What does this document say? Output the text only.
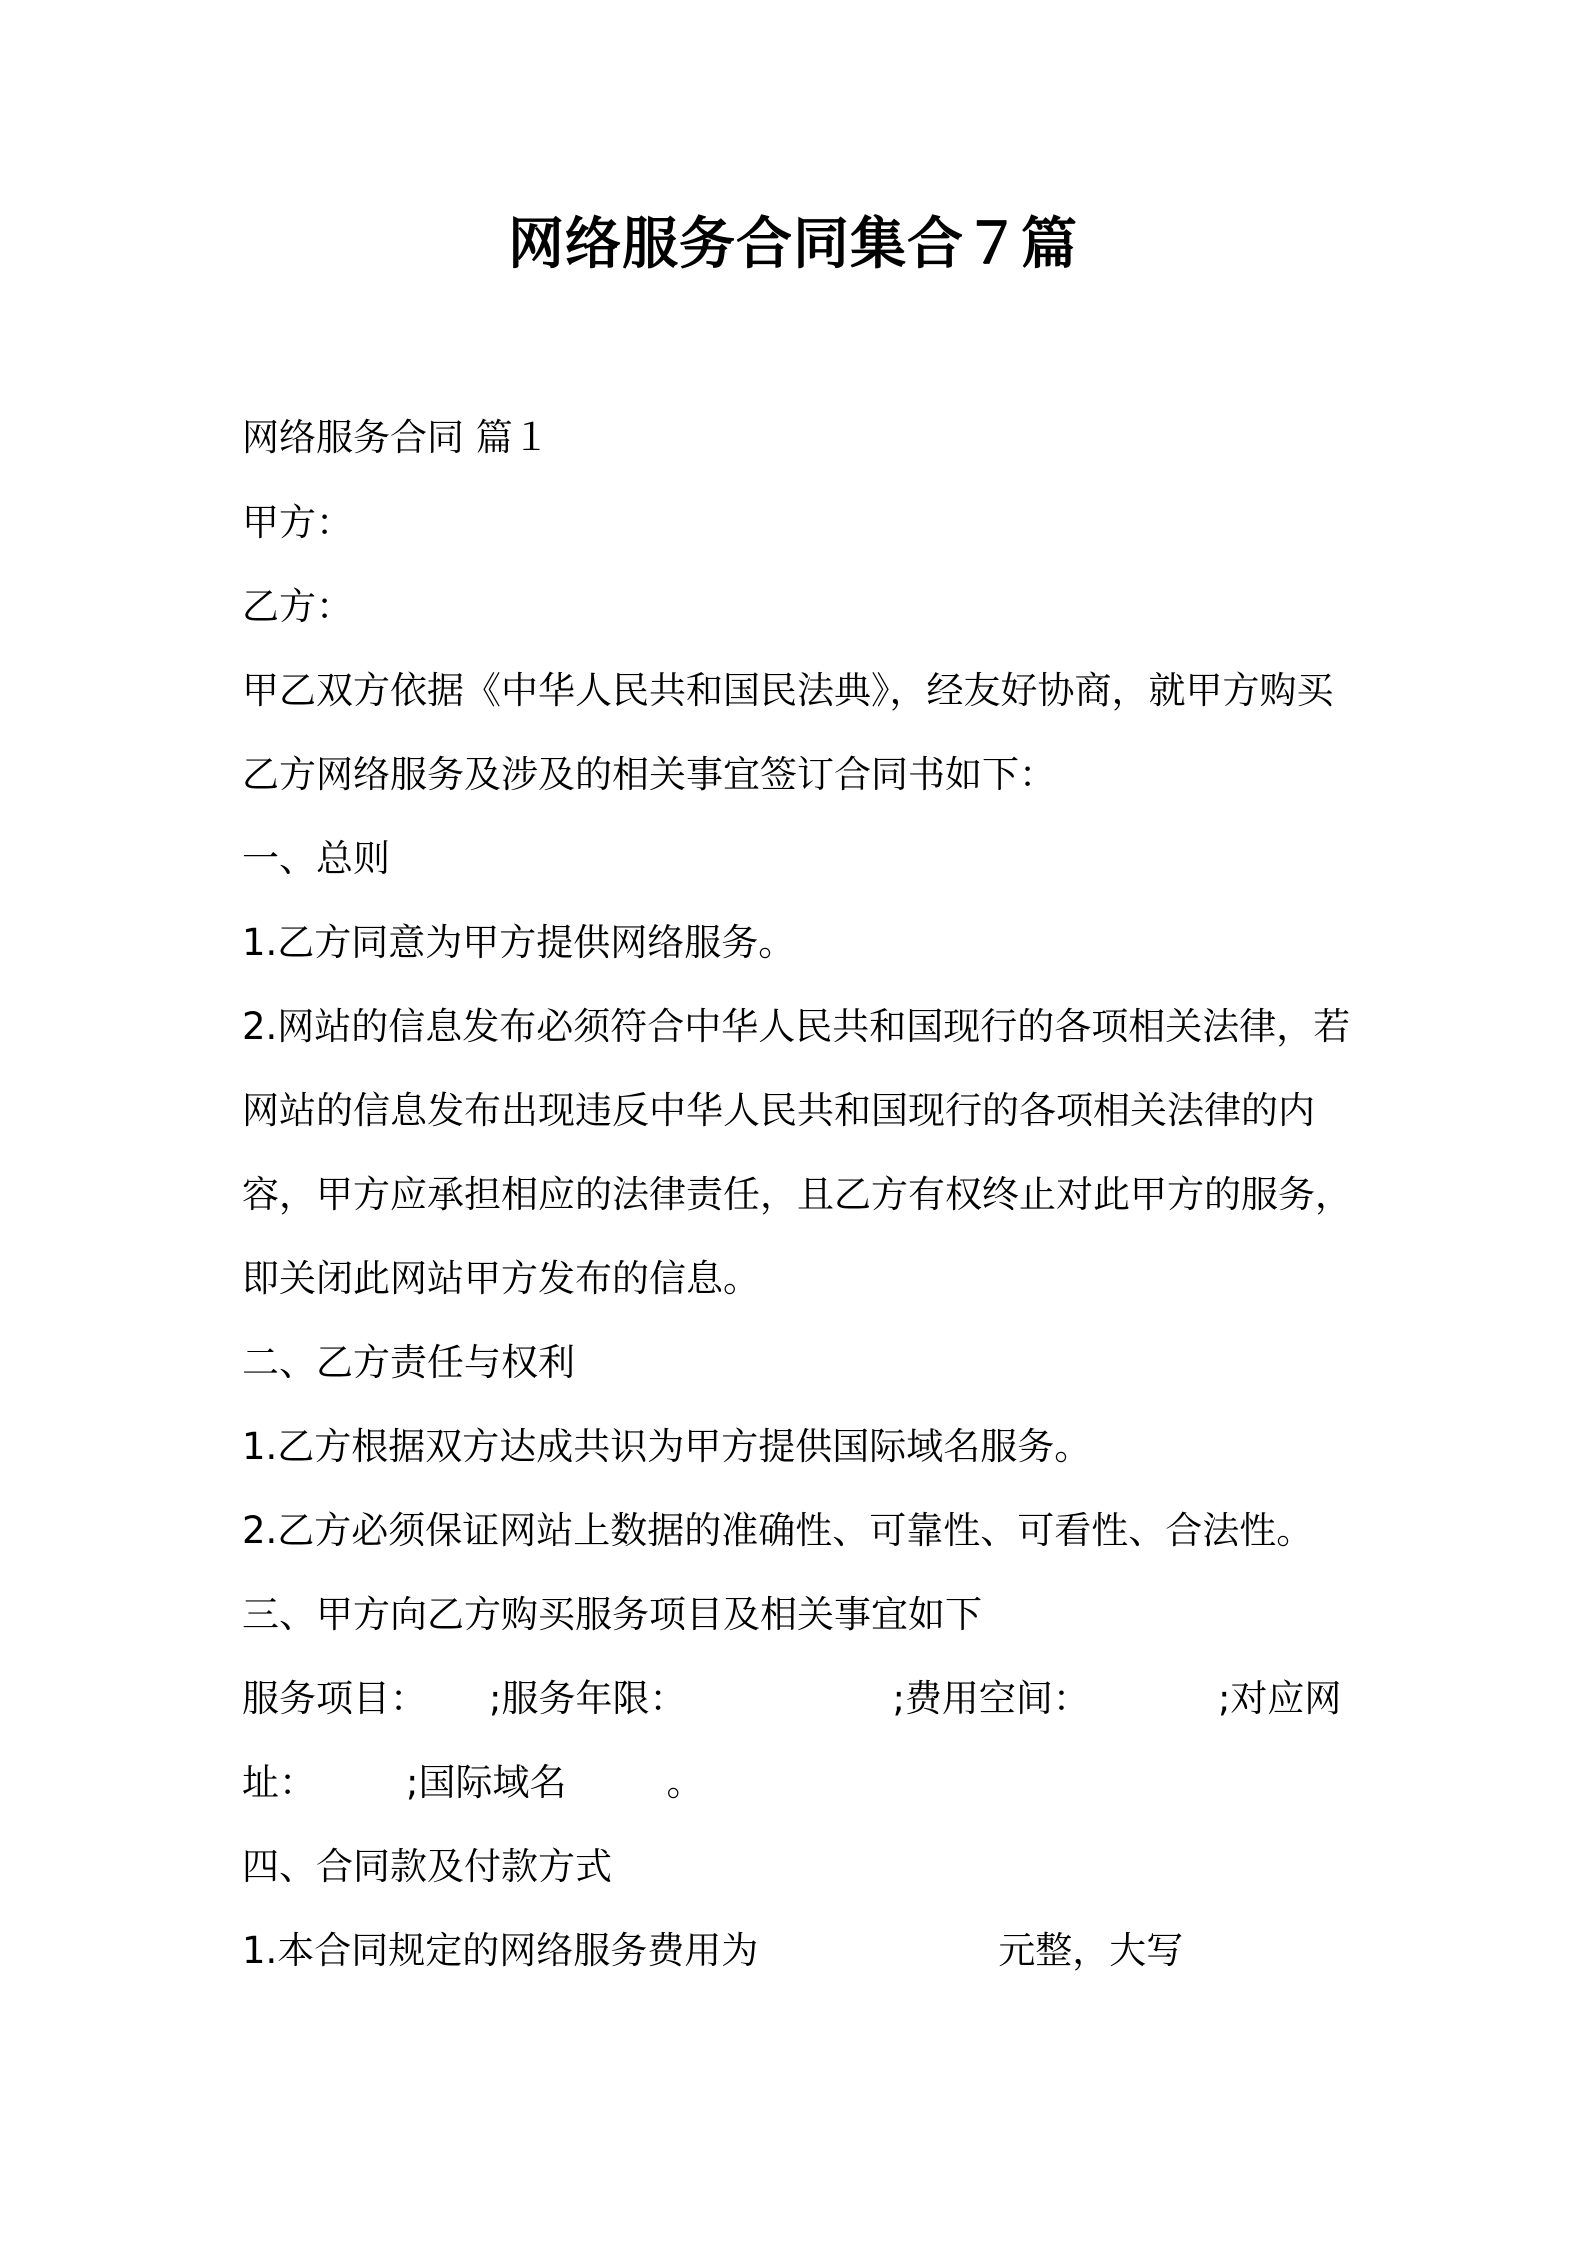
网络服务合同集合７篇

网络服务合同 篇１

甲方：

乙方：

甲乙双方依据《中华人民共和国民法典》，经友好协商，就甲方购买

乙方网络服务及涉及的相关事宜签订合同书如下：

一、总则

1.乙方同意为甲方提供网络服务。

2.网站的信息发布必须符合中华人民共和国现行的各项相关法律，若

网站的信息发布出现违反中华人民共和国现行的各项相关法律的内

容，甲方应承担相应的法律责任，且乙方有权终止对此甲方的服务，

即关闭此网站甲方发布的信息。

二、乙方责任与权利

1.乙方根据双方达成共识为甲方提供国际域名服务。

2.乙方必须保证网站上数据的准确性、可靠性、可看性、合法性。

三、甲方向乙方购买服务项目及相关事宜如下

服务项目： ;服务年限：	;费用空间：	;对应网

址： ;国际域名	。

四、合同款及付款方式

1.本合同规定的网络服务费用为	元整，大写
